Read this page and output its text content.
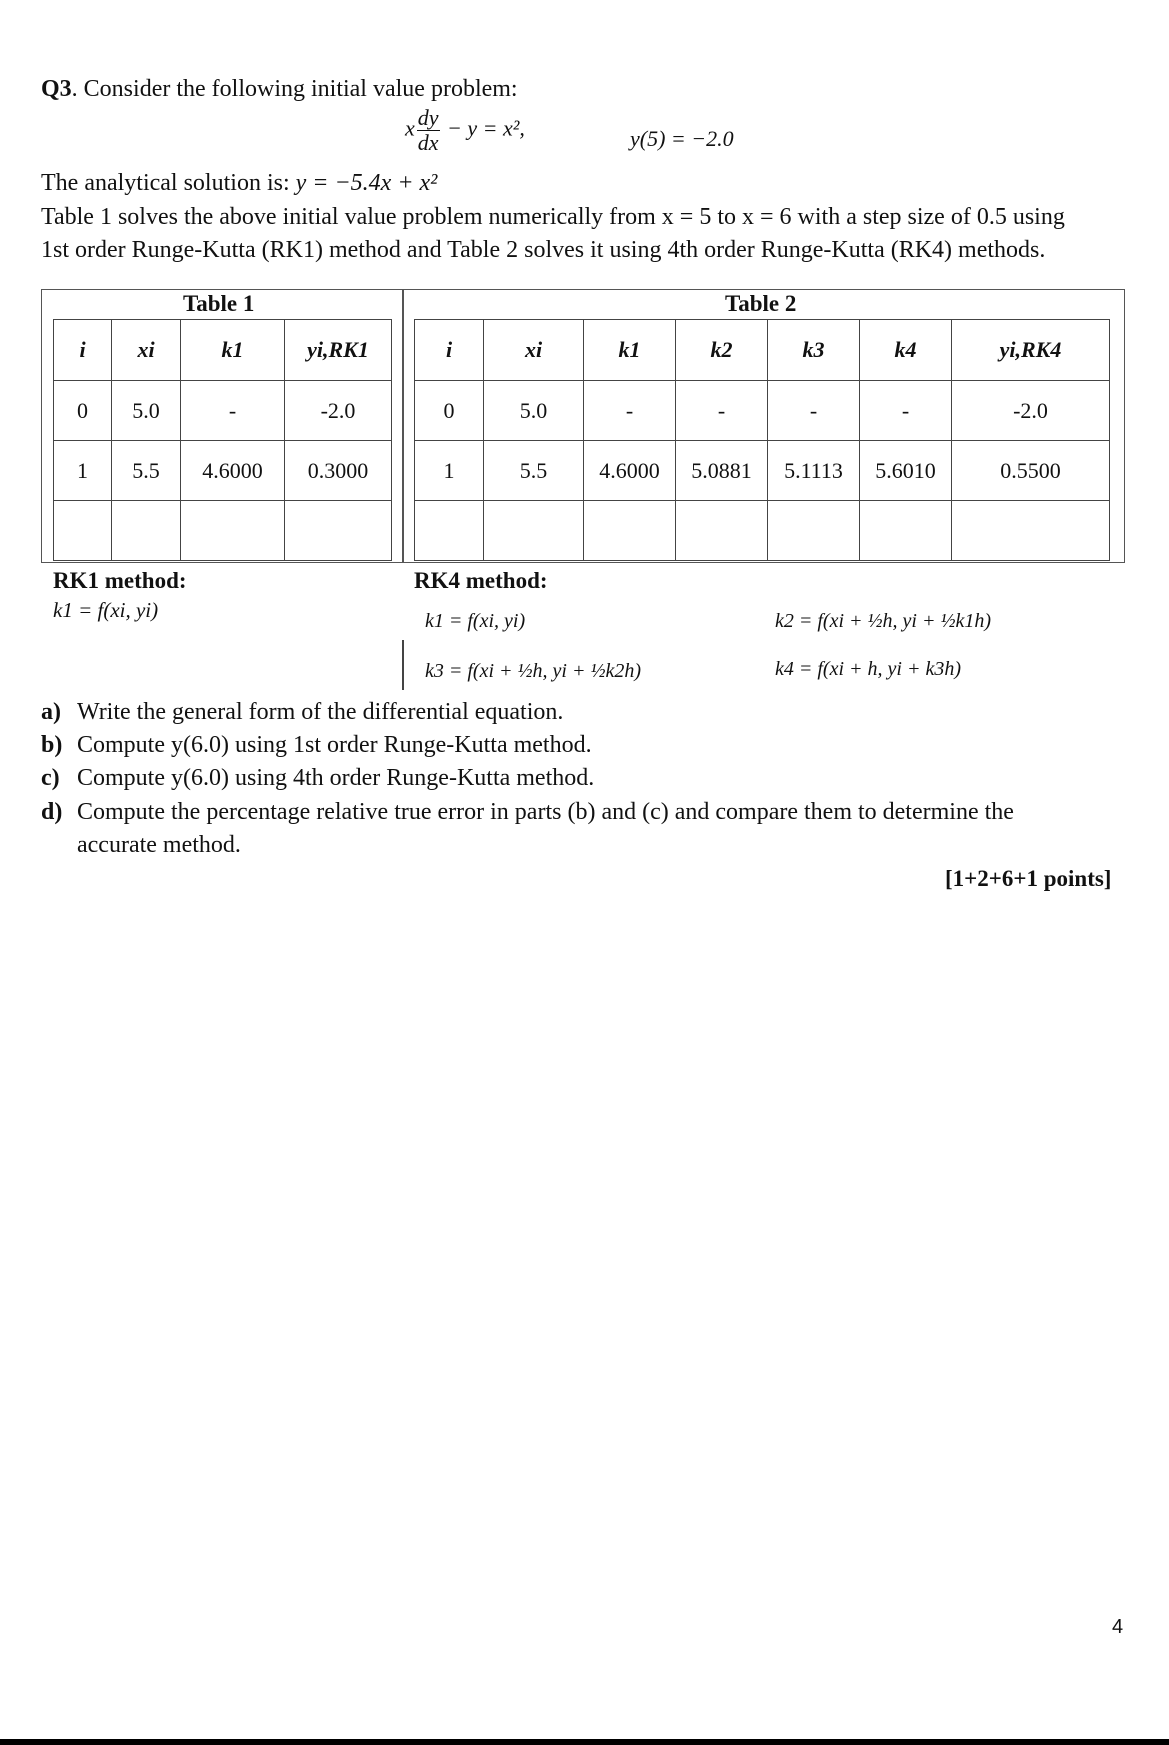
Q3. Consider the following initial value problem:
x $\frac{dy}{dx} - y = x^2$,	y(5) = −2.0
The analytical solution is: y = −5.4x + x²
Table 1 solves the above initial value problem numerically from x = 5 to x = 6 with a step size of 0.5 using
1st order Runge-Kutta (RK1) method and Table 2 solves it using 4th order Runge-Kutta (RK4) methods.
Table 1	Table 2
i	xi	k1	yi,RK1
0	5.0	-	-2.0
1	5.5	4.6000	0.3000

i	xi	k1	k2	k3	k4	yi,RK4
0	5.0	-	-	-	-	-2.0
1	5.5	4.6000	5.0881	5.1113	5.6010	0.5500

RK1 method:
k1 = f(xi, yi)
RK4 method:
k1 = f(xi, yi)	k2 = f(xi + ½h, yi + ½k1h)
k3 = f(xi + ½h, yi + ½k2h)	k4 = f(xi + h, yi + k3h)
a) Write the general form of the differential equation.
b) Compute y(6.0) using 1st order Runge-Kutta method.
c) Compute y(6.0) using 4th order Runge-Kutta method.
d) Compute the percentage relative true error in parts (b) and (c) and compare them to determine the
accurate method.
[1+2+6+1 points]
4
